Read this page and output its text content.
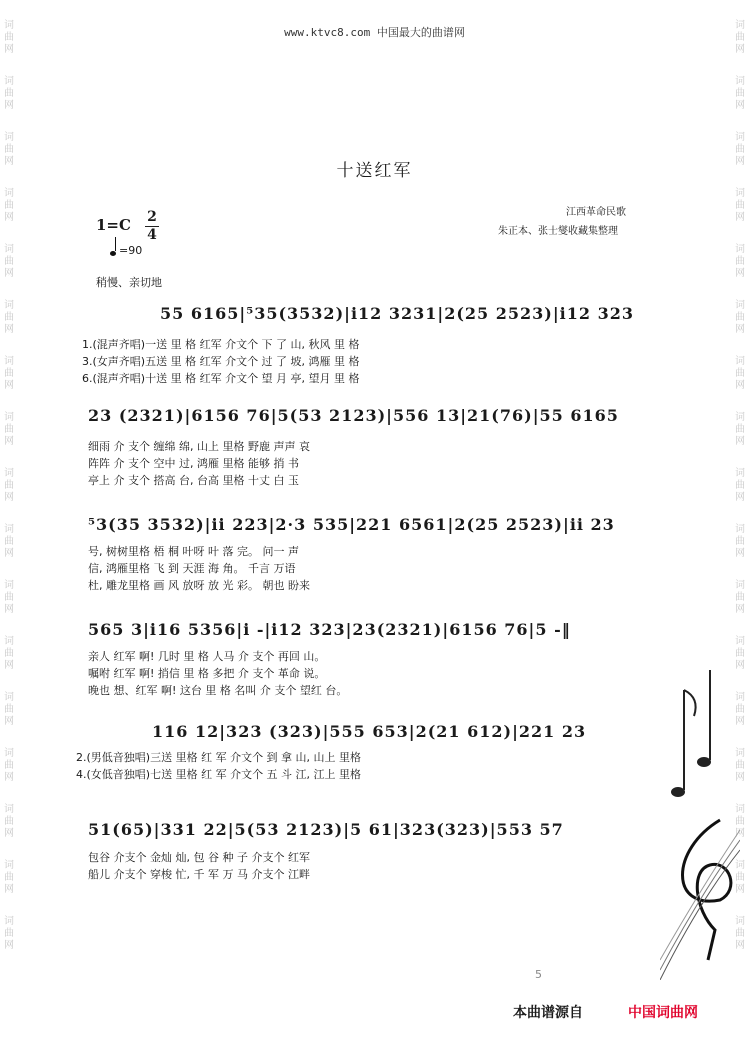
词
曲
网
词
曲
网
词
曲
网
词
曲
网
词
曲
网
词
曲
网
词
曲
网
词
曲
网
词
曲
网
词
曲
网
词
曲
网
词
曲
网
词
曲
网
词
曲
网
词
曲
网
词
曲
网
词
曲
网
词
曲
网
词
曲
网
词
曲
网
词
曲
网
词
曲
网
词
曲
网
词
曲
网
词
曲
网
词
曲
网
词
曲
网
词
曲
网
词
曲
网
词
曲
网
词
曲
网
词
曲
网
词
曲
网
词
曲
网
www.ktvc8.com 中国最大的曲谱网
十送红军
1=C 2
4
=90
稍慢、亲切地
江西革命民歌
朱正本、张士燮收藏集整理
55 6165|⁵35(3532)|i12 3231|2(25 2523)|i12 323
1.(混声齐唱)一送 里 格 红军 介文个 下 了 山, 秋风 里 格
3.(女声齐唱)五送 里 格 红军 介文个 过 了 坡, 鸿雁 里 格
6.(混声齐唱)十送 里 格 红军 介文个 望 月 亭, 望月 里 格
23 (2321)|6156 76|5(53 2123)|556 13|21(76)|55 6165
细雨 介 支个 缠绵 绵, 山上 里格 野鹿 声声 哀
阵阵 介 支个 空中 过, 鸿雁 里格 能够 捎 书
亭上 介 支个 搭高 台, 台高 里格 十丈 白 玉
⁵3(35 3532)|ii 223|2·3 535|221 6561|2(25 2523)|ii 23
号, 树树里格 梧 桐 叶呀 叶 落 完。 问一 声
信, 鸿雁里格 飞 到 天涯 海 角。 千言 万语
杜, 雕龙里格 画 风 放呀 放 光 彩。 朝也 盼来
565 3|i16 5356|i -|i12 323|23(2321)|6156 76|5 -‖
亲人 红军 啊! 几时 里 格 人马 介 支个 再回 山。
嘱咐 红军 啊! 捎信 里 格 多把 介 支个 革命 说。
晚也 想、红军 啊! 这台 里 格 名叫 介 支个 望红 台。
116 12|323 (323)|555 653|2(21 612)|221 23
2.(男低音独唱)三送 里格 红 军 介文个 到 拿 山, 山上 里格
4.(女低音独唱)七送 里格 红 军 介文个 五 斗 江, 江上 里格
51(65)|331 22|5(53 2123)|5 61|323(323)|553 57
包谷 介支个 金灿 灿, 包 谷 种 子 介支个 红军
船儿 介支个 穿梭 忙, 千 军 万 马 介支个 江畔
5
本曲谱源自	中国词曲网
